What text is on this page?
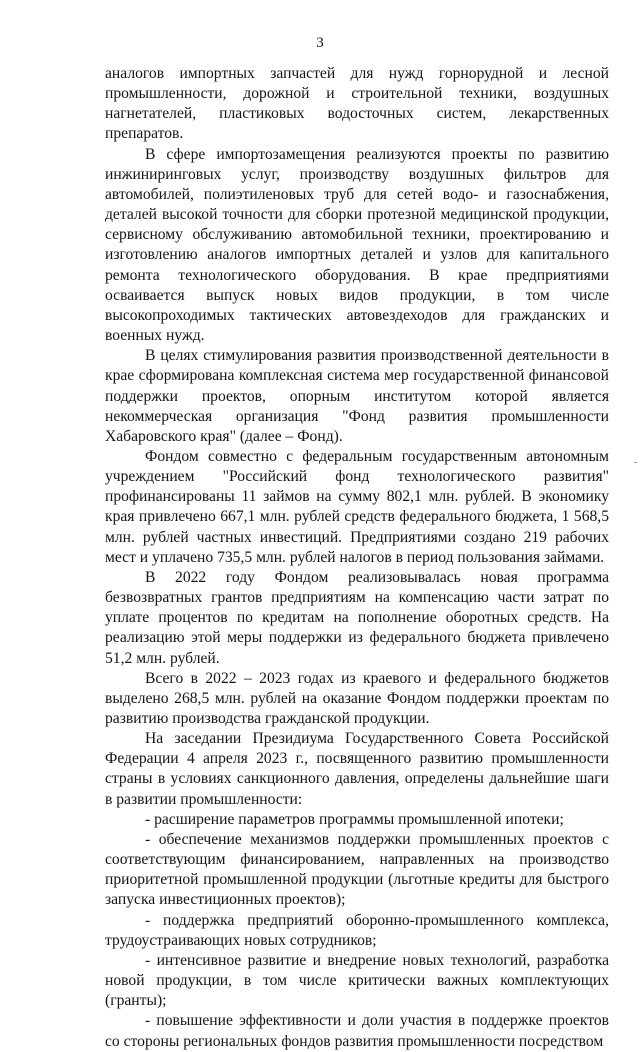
3

аналогов импортных запчастей для нужд горнорудной и лесной промышленности, дорожной и строительной техники, воздушных нагнетателей, пластиковых водосточных систем, лекарственных препаратов.

В сфере импортозамещения реализуются проекты по развитию инжиниринговых услуг, производству воздушных фильтров для автомобилей, полиэтиленовых труб для сетей водо- и газоснабжения, деталей высокой точности для сборки протезной медицинской продукции, сервисному обслуживанию автомобильной техники, проектированию и изготовлению аналогов импортных деталей и узлов для капитального ремонта технологического оборудования. В крае предприятиями осваивается выпуск новых видов продукции, в том числе высокопроходимых тактических автовездеходов для гражданских и военных нужд.

В целях стимулирования развития производственной деятельности в крае сформирована комплексная система мер государственной финансовой поддержки проектов, опорным институтом которой является некоммерческая организация "Фонд развития промышленности Хабаровского края" (далее – Фонд).

Фондом совместно с федеральным государственным автономным учреждением "Российский фонд технологического развития" профинансированы 11 займов на сумму 802,1 млн. рублей. В экономику края привлечено 667,1 млн. рублей средств федерального бюджета, 1 568,5 млн. рублей частных инвестиций. Предприятиями создано 219 рабочих мест и уплачено 735,5 млн. рублей налогов в период пользования займами.

В 2022 году Фондом реализовывалась новая программа безвозвратных грантов предприятиям на компенсацию части затрат по уплате процентов по кредитам на пополнение оборотных средств. На реализацию этой меры поддержки из федерального бюджета привлечено 51,2 млн. рублей.

Всего в 2022 – 2023 годах из краевого и федерального бюджетов выделено 268,5 млн. рублей на оказание Фондом поддержки проектам по развитию производства гражданской продукции.

На заседании Президиума Государственного Совета Российской Федерации 4 апреля 2023 г., посвященного развитию промышленности страны в условиях санкционного давления, определены дальнейшие шаги в развитии промышленности:

- расширение параметров программы промышленной ипотеки;

- обеспечение механизмов поддержки промышленных проектов с соответствующим финансированием, направленных на производство приоритетной промышленной продукции (льготные кредиты для быстрого запуска инвестиционных проектов);

- поддержка предприятий оборонно-промышленного комплекса, трудоустраивающих новых сотрудников;

- интенсивное развитие и внедрение новых технологий, разработка новой продукции, в том числе критически важных комплектующих (гранты);

- повышение эффективности и доли участия в поддержке проектов со стороны региональных фондов развития промышленности посредством
